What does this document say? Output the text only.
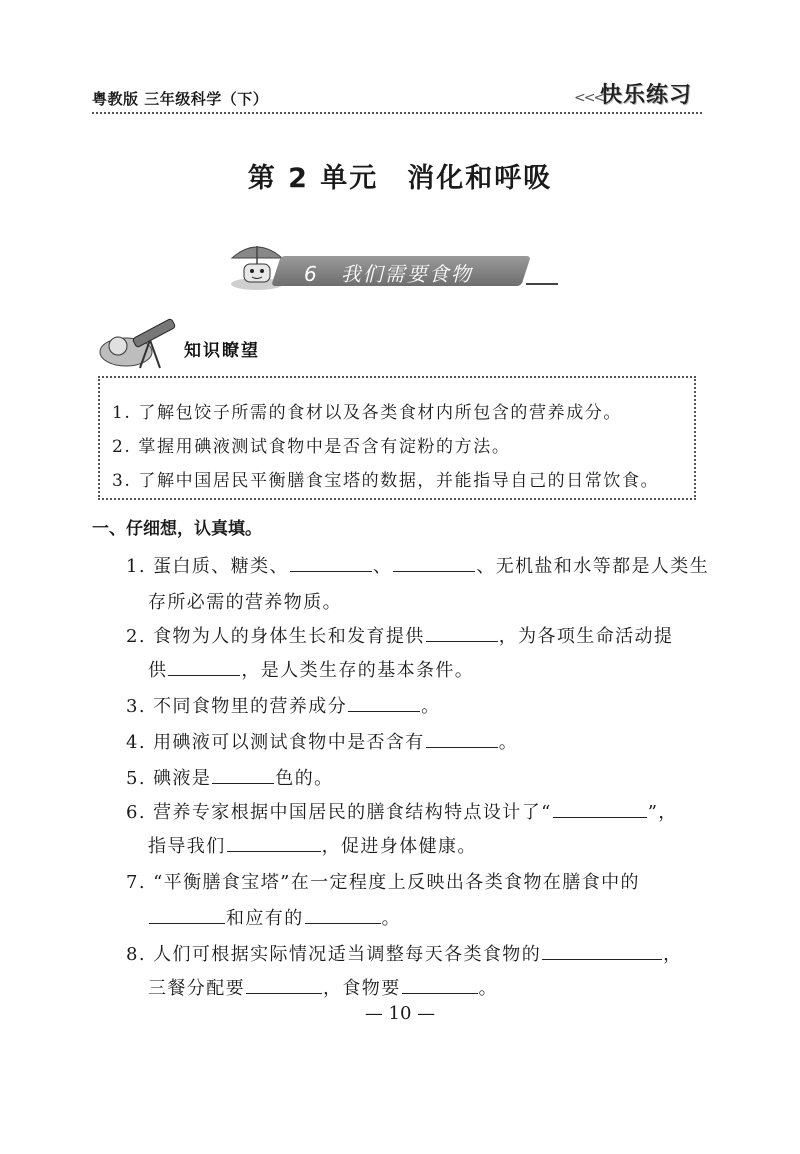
粤教版 三年级科学（下）	<<<
快乐练习
第 2 单元　消化和呼吸
6 我们需要食物
知识瞭望
1. 了解包饺子所需的食材以及各类食材内所包含的营养成分。
2. 掌握用碘液测试食物中是否含有淀粉的方法。
3. 了解中国居民平衡膳食宝塔的数据，并能指导自己的日常饮食。
一、仔细想，认真填。
1. 蛋白质、糖类、	、	、无机盐和水等都是人类生
存所必需的营养物质。
2. 食物为人的身体生长和发育提供	，为各项生命活动提
供	，是人类生存的基本条件。
3. 不同食物里的营养成分	。
4. 用碘液可以测试食物中是否含有	。
5. 碘液是	色的。
6. 营养专家根据中国居民的膳食结构特点设计了“	”，
指导我们	，促进身体健康。
7. “平衡膳食宝塔”在一定程度上反映出各类食物在膳食中的
和应有的	。
8. 人们可根据实际情况适当调整每天各类食物的	，
三餐分配要	，食物要	。
— 10 —
